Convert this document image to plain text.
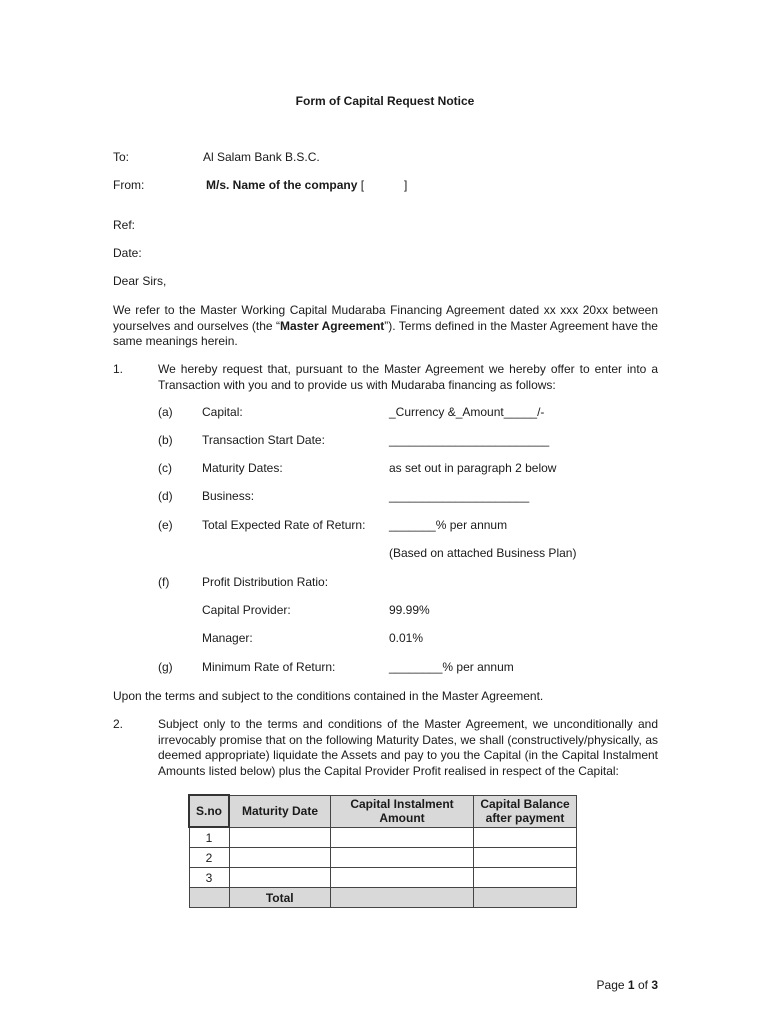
Form of Capital Request Notice
To:	Al Salam Bank B.S.C.
From:	M/s. Name of the company [	]
Ref:
Date:
Dear Sirs,
We refer to the Master Working Capital Mudaraba Financing Agreement dated xx xxx 20xx between yourselves and ourselves (the “Master Agreement”). Terms defined in the Master Agreement have the same meanings herein.
1.	We hereby request that, pursuant to the Master Agreement we hereby offer to enter into a Transaction with you and to provide us with Mudaraba financing as follows:
(a) Capital:	_Currency &_Amount_____/-
(b) Transaction Start Date:	________________________
(c)	Maturity Dates:	as set out in paragraph 2 below
(d) Business:	_____________________
(e) Total Expected Rate of Return: _______% per annum
(Based on attached Business Plan)
(f)	Profit Distribution Ratio:
Capital Provider:	99.99%
Manager:	0.01%
(g) Minimum Rate of Return:	________% per annum
Upon the terms and subject to the conditions contained in the Master Agreement.
2.	Subject only to the terms and conditions of the Master Agreement, we unconditionally and irrevocably promise that on the following Maturity Dates, we shall (constructively/physically, as deemed appropriate) liquidate the Assets and pay to you the Capital (in the Capital Instalment Amounts listed below) plus the Capital Provider Profit realised in respect of the Capital:
S.no	Maturity Date	Capital Instalment Amount	Capital Balance after payment
1			
2			
3			
	Total		
Page 1 of 3
